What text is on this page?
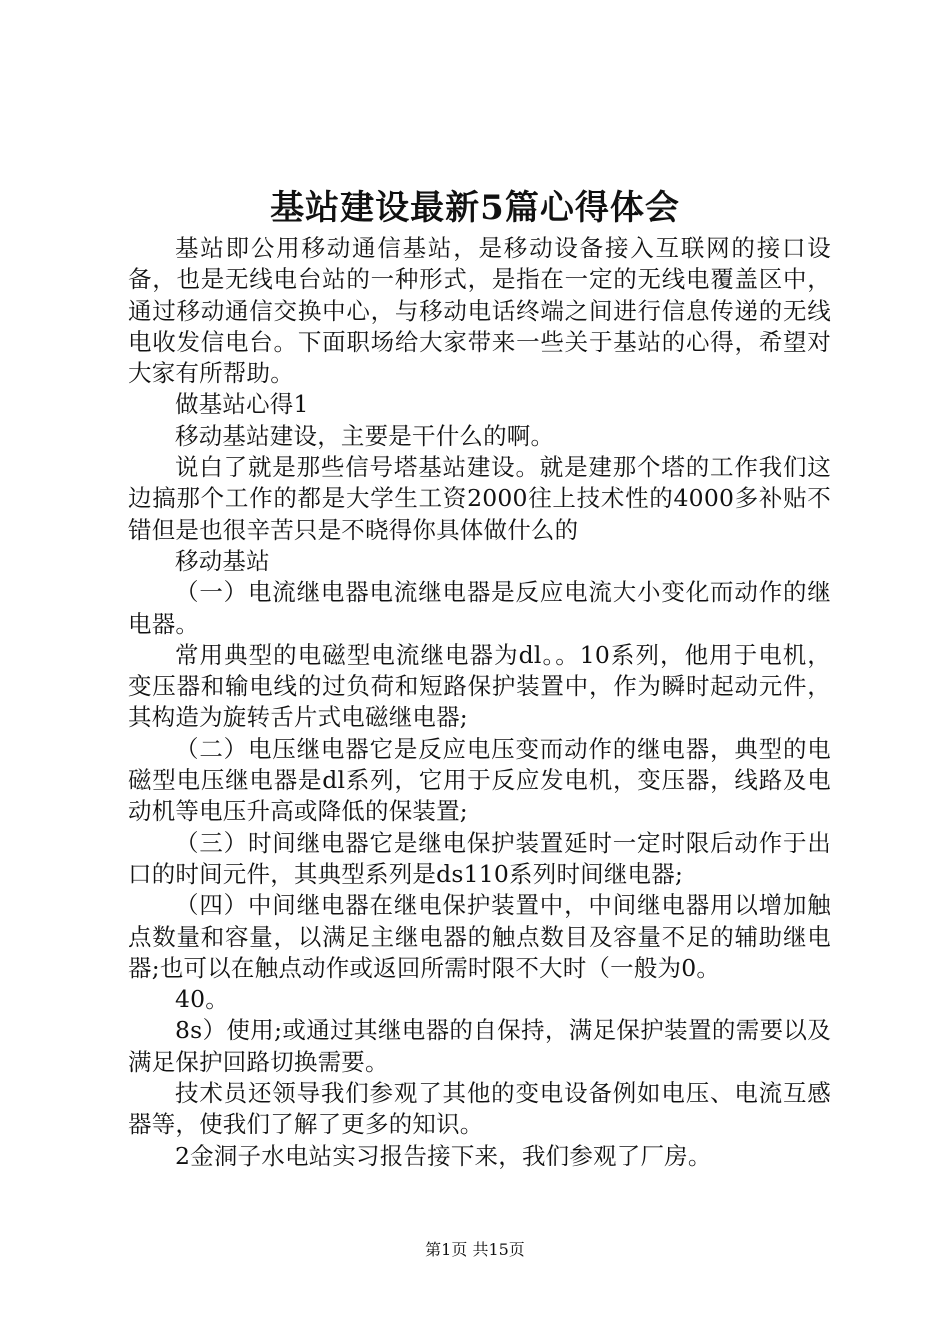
基站建设最新5篇心得体会

基站即公用移动通信基站，是移动设备接入互联网的接口设备，也是无线电台站的一种形式，是指在一定的无线电覆盖区中，通过移动通信交换中心，与移动电话终端之间进行信息传递的无线电收发信电台。下面职场给大家带来一些关于基站的心得，希望对大家有所帮助。

做基站心得1

移动基站建设，主要是干什么的啊。

说白了就是那些信号塔基站建设。就是建那个塔的工作我们这边搞那个工作的都是大学生工资2000往上技术性的4000多补贴不错但是也很辛苦只是不晓得你具体做什么的

移动基站

（一）电流继电器电流继电器是反应电流大小变化而动作的继电器。

常用典型的电磁型电流继电器为dl。。10系列，他用于电机，变压器和输电线的过负荷和短路保护装置中，作为瞬时起动元件，其构造为旋转舌片式电磁继电器;

（二）电压继电器它是反应电压变而动作的继电器，典型的电磁型电压继电器是dl系列，它用于反应发电机，变压器，线路及电动机等电压升高或降低的保装置;

（三）时间继电器它是继电保护装置延时一定时限后动作于出口的时间元件，其典型系列是ds110系列时间继电器;

（四）中间继电器在继电保护装置中，中间继电器用以增加触点数量和容量，以满足主继电器的触点数目及容量不足的辅助继电器;也可以在触点动作或返回所需时限不大时（一般为0。

40。

8s）使用;或通过其继电器的自保持，满足保护装置的需要以及满足保护回路切换需要。

技术员还领导我们参观了其他的变电设备例如电压、电流互感器等，使我们了解了更多的知识。

2金洞子水电站实习报告接下来，我们参观了厂房。

第1页 共15页
